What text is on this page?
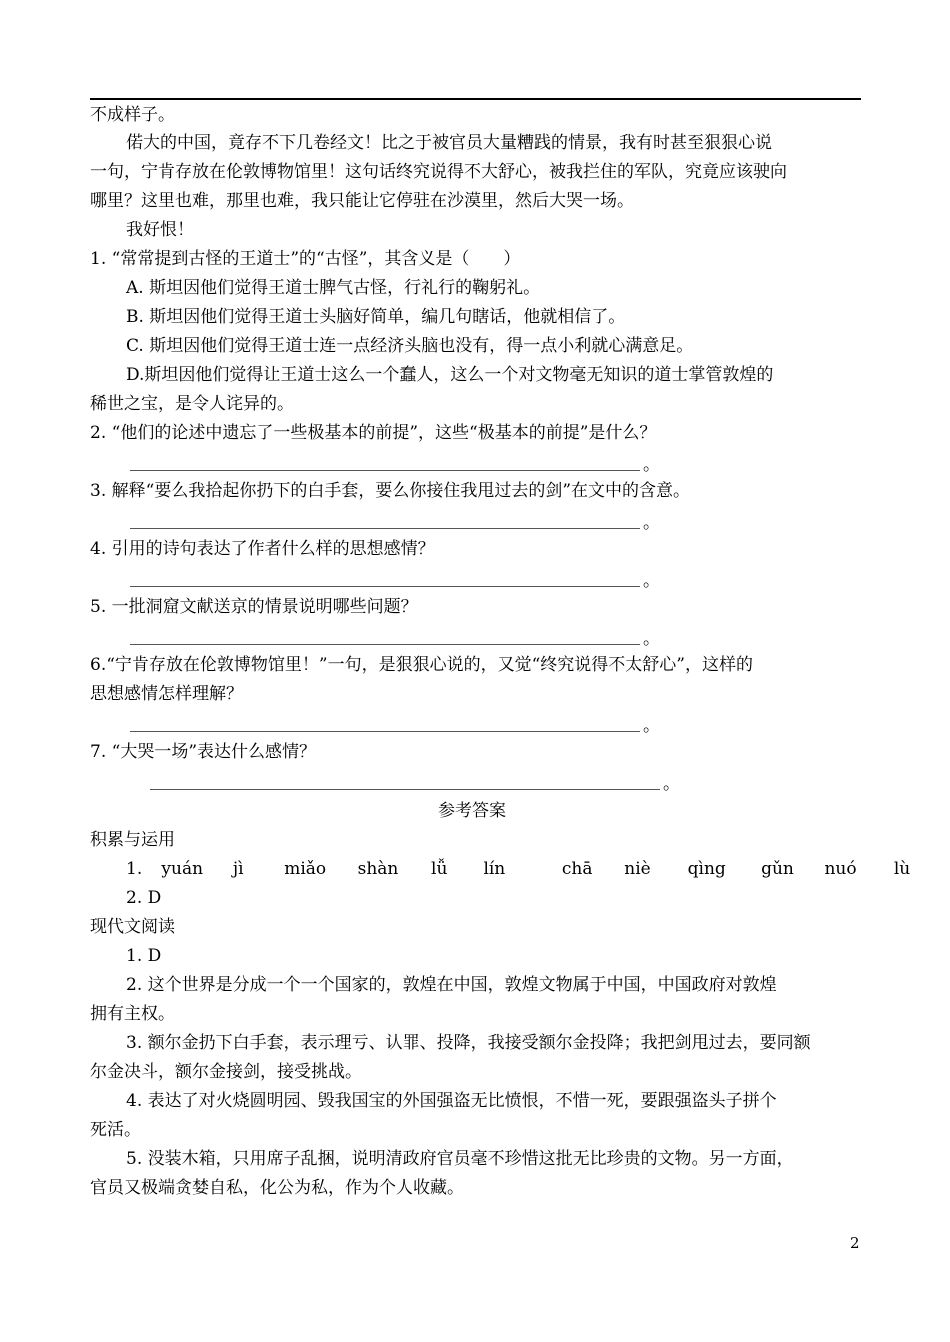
不成样子。
偌大的中国，竟存不下几卷经文！比之于被官员大量糟践的情景，我有时甚至狠狠心说
一句，宁肯存放在伦敦博物馆里！这句话终究说得不大舒心，被我拦住的军队，究竟应该驶向
哪里？这里也难，那里也难，我只能让它停驻在沙漠里，然后大哭一场。
我好恨！
1. “常常提到古怪的王道士”的“古怪”，其含义是（　　）
A. 斯坦因他们觉得王道士脾气古怪，行礼行的鞠躬礼。
B. 斯坦因他们觉得王道士头脑好简单，编几句瞎话，他就相信了。
C. 斯坦因他们觉得王道士连一点经济头脑也没有，得一点小利就心满意足。
D.斯坦因他们觉得让王道士这么一个蠢人，这么一个对文物毫无知识的道士掌管敦煌的
稀世之宝，是令人诧异的。
2. “他们的论述中遗忘了一些极基本的前提”，这些“极基本的前提”是什么？
。
3. 解释“要么我拾起你扔下的白手套，要么你接住我甩过去的剑”在文中的含意。
。
4. 引用的诗句表达了作者什么样的思想感情？
。
5. 一批洞窟文献送京的情景说明哪些问题？
。
6.“宁肯存放在伦敦博物馆里！”一句，是狠狠心说的，又觉“终究说得不太舒心”，这样的
思想感情怎样理解？
。
7. “大哭一场”表达什么感情？
。
参考答案
积累与运用
1. yuán jì miǎo shàn lǚ lín	chā niè qìng gǔn nuó lù
2. D
现代文阅读
1. D
2. 这个世界是分成一个一个国家的，敦煌在中国，敦煌文物属于中国，中国政府对敦煌
拥有主权。
3. 额尔金扔下白手套，表示理亏、认罪、投降，我接受额尔金投降；我把剑甩过去，要同额
尔金决斗，额尔金接剑，接受挑战。
4. 表达了对火烧圆明园、毁我国宝的外国强盗无比愤恨，不惜一死，要跟强盗头子拼个
死活。
5. 没装木箱，只用席子乱捆，说明清政府官员毫不珍惜这批无比珍贵的文物。另一方面，
官员又极端贪婪自私，化公为私，作为个人收藏。
2
